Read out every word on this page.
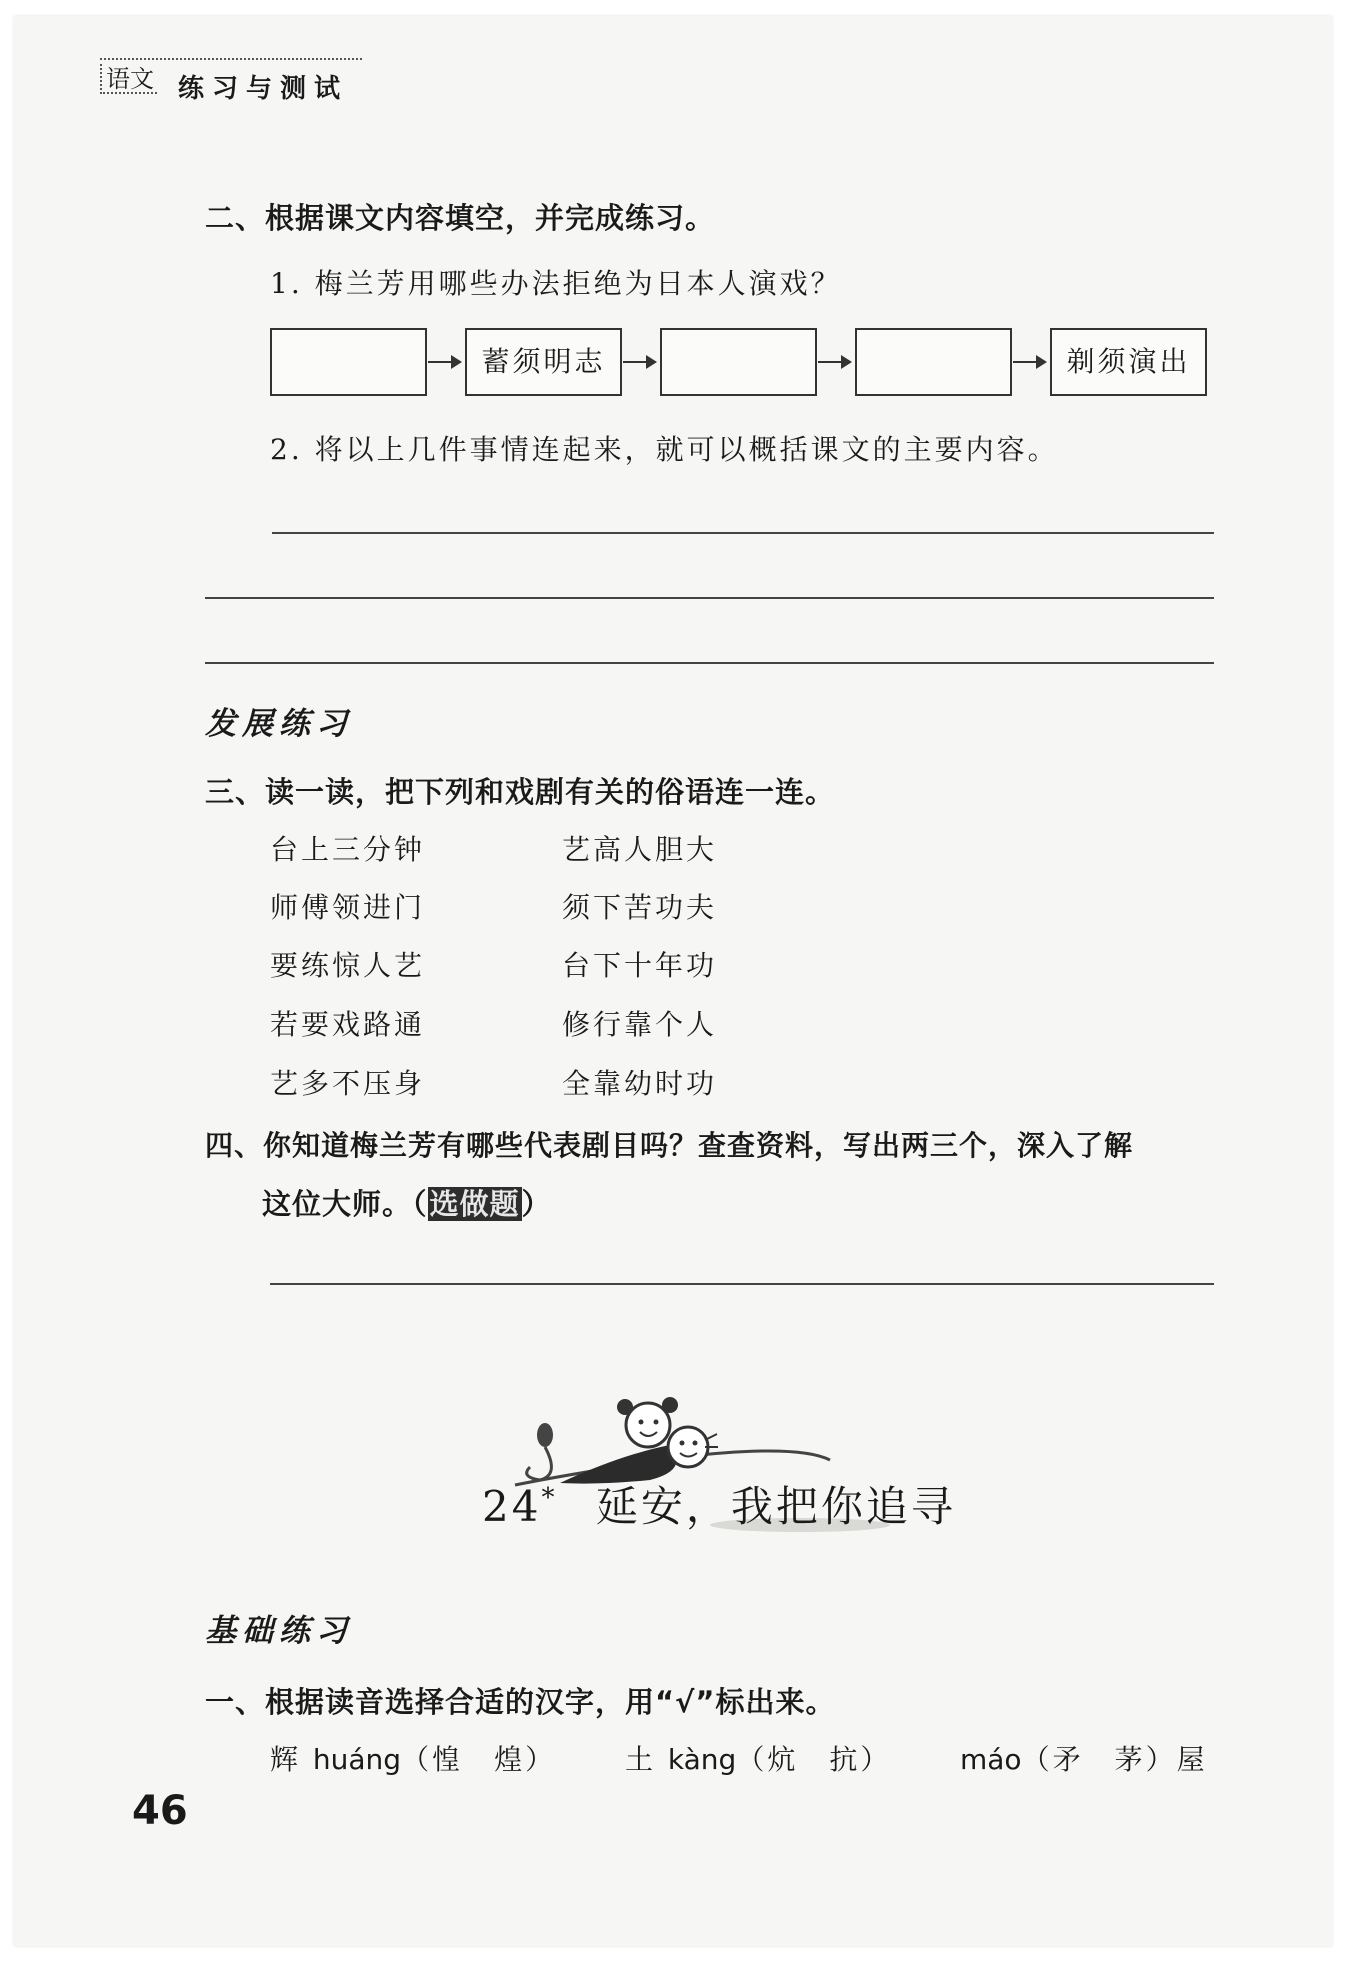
语文 练习与测试
二、根据课文内容填空，并完成练习。
1. 梅兰芳用哪些办法拒绝为日本人演戏？
蓄须明志	剃须演出
2. 将以上几件事情连起来，就可以概括课文的主要内容。
发展练习
三、读一读，把下列和戏剧有关的俗语连一连。
台上三分钟
师傅领进门
要练惊人艺
若要戏路通
艺多不压身
艺高人胆大
须下苦功夫
台下十年功
修行靠个人
全靠幼时功
四、你知道梅兰芳有哪些代表剧目吗？查查资料，写出两三个，深入了解
这位大师。（选做题）
24* 延安，我把你追寻
基础练习
一、根据读音选择合适的汉字，用“√”标出来。
辉 huáng（惶　煌） 土 kàng（炕　抗） máo（矛　茅）屋
46
